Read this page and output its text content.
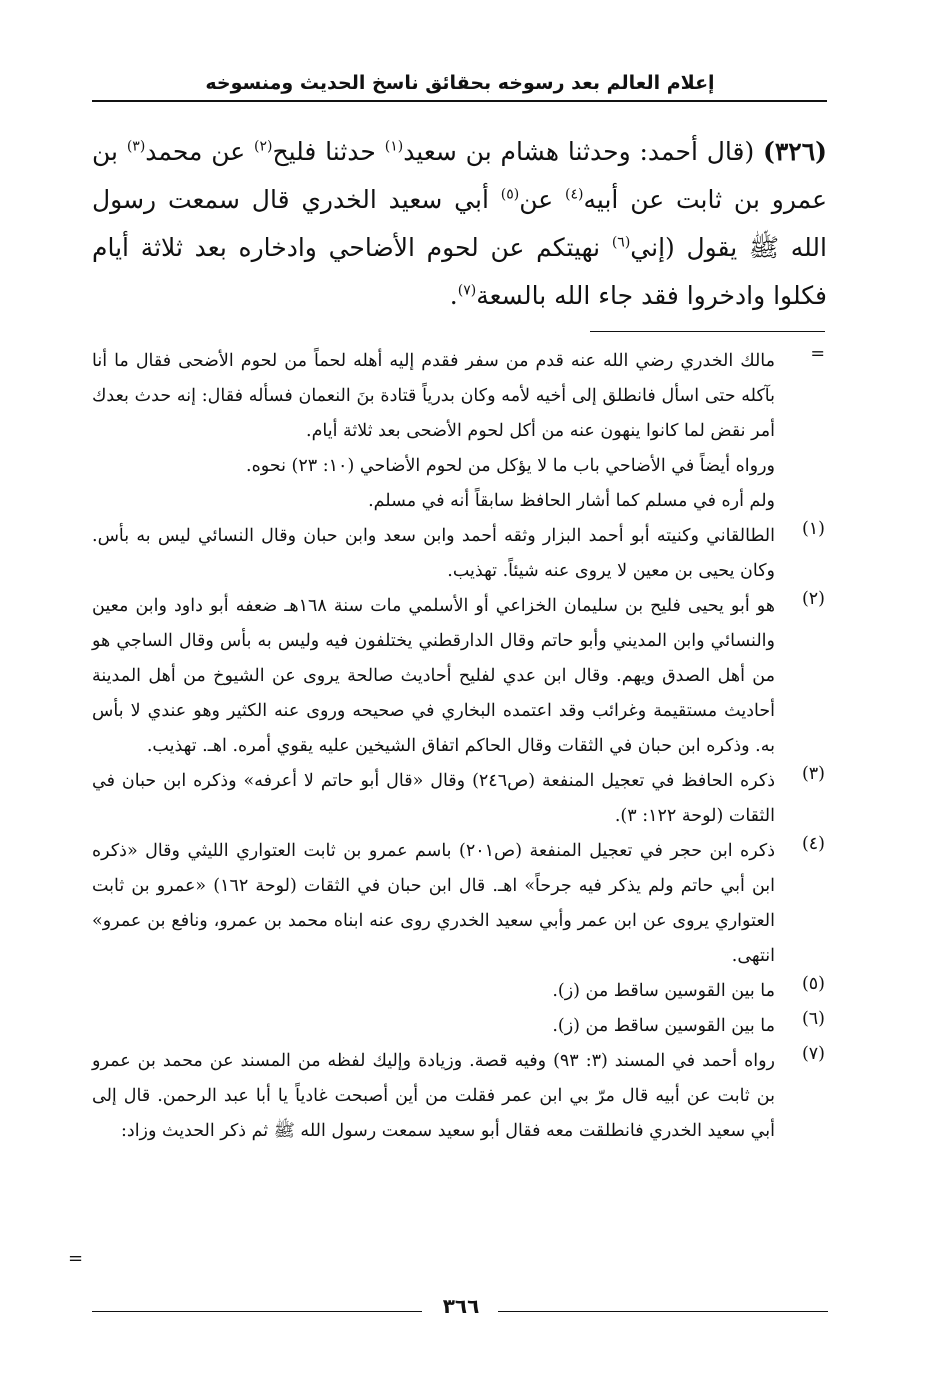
إعلام العالم بعد رسوخه بحقائق ناسخ الحديث ومنسوخه
(٣٢٦) (قال أحمد: وحدثنا هشام بن سعيد$^{(١)}$ حدثنا فليح$^{(٢)}$ عن محمد$^{(٣)}$ بن عمرو بن ثابت عن أبيه$^{(٤)}$ عن$^{(٥)}$ أبي سعيد الخدري قال سمعت رسول الله ﷺ يقول (إني$^{(٦)}$ نهيتكم عن لحوم الأضاحي وادخاره بعد ثلاثة أيام فكلوا وادخروا فقد جاء الله بالسعة$^{(٧)}$.
=
مالك الخدري رضي الله عنه قدم من سفر فقدم إليه أهله لحماً من لحوم الأضحى فقال ما أنا بآكله حتى اسأل فانطلق إلى أخيه لأمه وكان بدرياً قتادة بنَ النعمان فسأله فقال: إنه حدث بعدك أمر نقض لما كانوا ينهون عنه من أكل لحوم الأضحى بعد ثلاثة أيام.
ورواه أيضاً في الأضاحي باب ما لا يؤكل من لحوم الأضاحي (١٠: ٢٣) نحوه.
ولم أره في مسلم كما أشار الحافظ سابقاً أنه في مسلم.
(١)
الطالقاني وكنيته أبو أحمد البزار وثقه أحمد وابن سعد وابن حبان وقال النسائي ليس به بأس. وكان يحيى بن معين لا يروى عنه شيئاً. تهذيب.
(٢)
هو أبو يحيى فليح بن سليمان الخزاعي أو الأسلمي مات سنة ١٦٨هـ ضعفه أبو داود وابن معين والنسائي وابن المديني وأبو حاتم وقال الدارقطني يختلفون فيه وليس به بأس وقال الساجي هو من أهل الصدق ويهم. وقال ابن عدي لفليح أحاديث صالحة يروى عن الشيوخ من أهل المدينة أحاديث مستقيمة وغرائب وقد اعتمده البخاري في صحيحه وروى عنه الكثير وهو عندي لا بأس به. وذكره ابن حبان في الثقات وقال الحاكم اتفاق الشيخين عليه يقوي أمره. اهـ. تهذيب.
(٣)
ذكره الحافظ في تعجيل المنفعة (ص٢٤٦) وقال «قال أبو حاتم لا أعرفه» وذكره ابن حبان في الثقات (لوحة ١٢٢: ٣).
(٤)
ذكره ابن حجر في تعجيل المنفعة (ص٢٠١) باسم عمرو بن ثابت العتواري الليثي وقال «ذكره ابن أبي حاتم ولم يذكر فيه جرحاً» اهـ. قال ابن حبان في الثقات (لوحة ١٦٢) «عمرو بن ثابت العتواري يروى عن ابن عمر وأبي سعيد الخدري روى عنه ابناه محمد بن عمرو، ونافع بن عمرو» انتهى.
(٥)
ما بين القوسين ساقط من (ز).
(٦)
ما بين القوسين ساقط من (ز).
(٧)
رواه أحمد في المسند (٣: ٩٣) وفيه قصة. وزيادة وإليك لفظه من المسند عن محمد بن عمرو بن ثابت عن أبيه قال مرّ بي ابن عمر فقلت من أين أصبحت غادياً يا أبا عبد الرحمن. قال إلى أبي سعيد الخدري فانطلقت معه فقال أبو سعيد سمعت رسول الله ﷺ ثم ذكر الحديث وزاد:
=
٣٦٦
